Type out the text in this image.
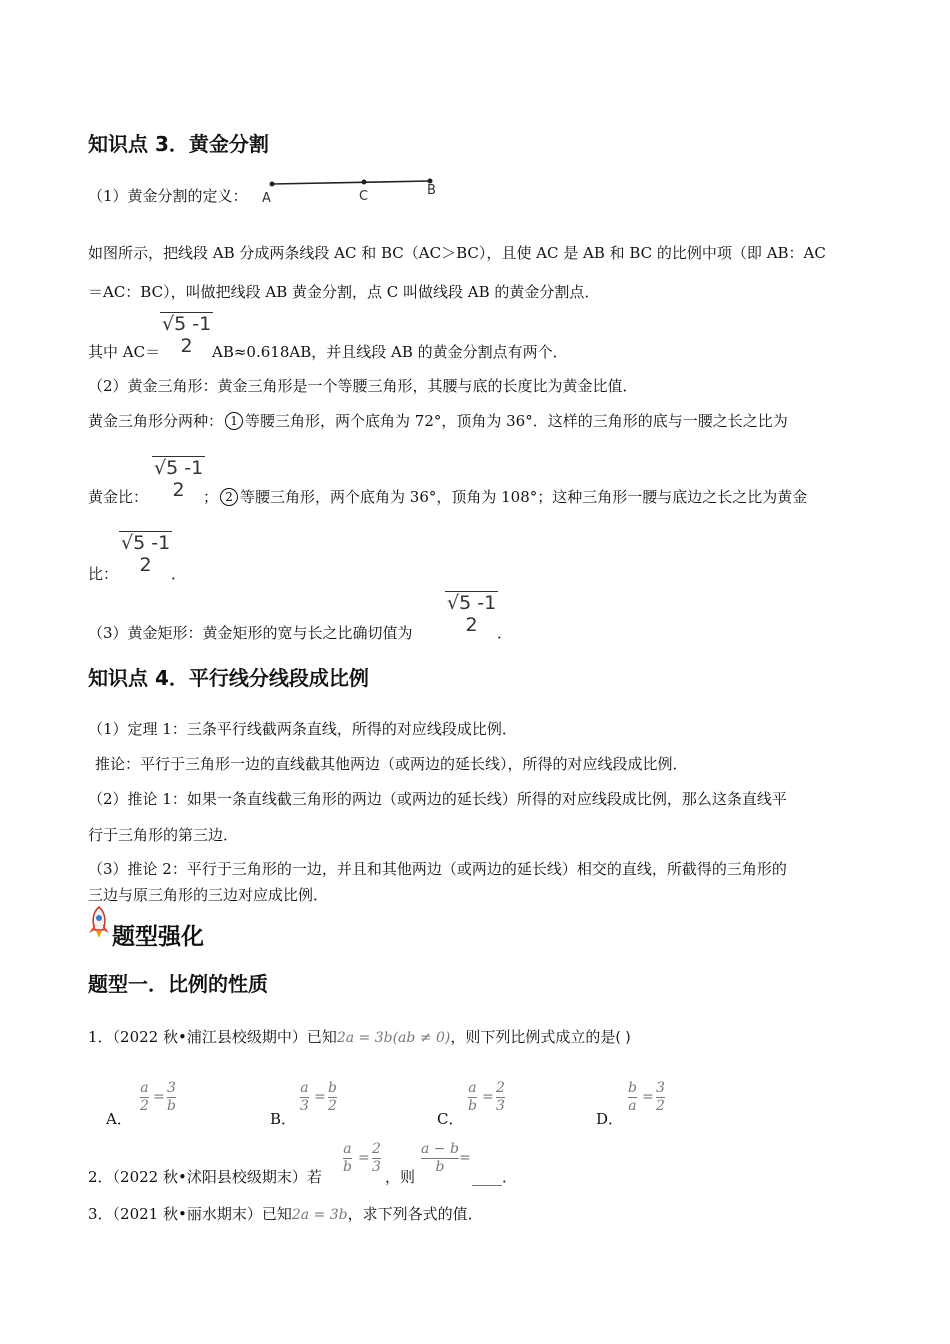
知识点 3．黄金分割
（1）黄金分割的定义： A	C	B
如图所示，把线段 AB 分成两条线段 AC 和 BC（AC＞BC），且使 AC 是 AB 和 BC 的比例中项（即 AB：AC
＝AC：BC），叫做把线段 AB 黄金分割，点 C 叫做线段 AB 的黄金分割点．
其中 AC＝
√5 -1
2	AB≈0.618AB，并且线段 AB 的黄金分割点有两个．
（2）黄金三角形：黄金三角形是一个等腰三角形，其腰与底的长度比为黄金比值．
黄金三角形分两种： 1 等腰三角形，两个底角为 72°，顶角为 36°．这样的三角形的底与一腰之长之比为
黄金比：
√5 -1
2	； 2 等腰三角形，两个底角为 36°，顶角为 108°；这种三角形一腰与底边之长之比为黄金
比：
√5 -1
2	．
（3）黄金矩形：黄金矩形的宽与长之比确切值为
√5 -1
2	．
知识点 4．平行线分线段成比例
（1）定理 1：三条平行线截两条直线，所得的对应线段成比例．
推论：平行于三角形一边的直线截其他两边（或两边的延长线），所得的对应线段成比例．
（2）推论 1：如果一条直线截三角形的两边（或两边的延长线）所得的对应线段成比例，那么这条直线平
行于三角形的第三边．
（3）推论 2：平行于三角形的一边，并且和其他两边（或两边的延长线）相交的直线，所截得的三角形的
三边与原三角形的三边对应成比例．
题型强化
题型一．比例的性质
1．（2022 秋•浦江县校级期中）已知2a = 3b(ab ≠ 0)，则下列比例式成立的是( )
A．
a
2
=
3
b
B．
a
3
=
b
2
C．
a
b
=
2
3
D．
b
a
=
3
2
2．（2022 秋•沭阳县校级期末）若
a
b
=
2
3
，则
a − b
b
=
____．
3．（2021 秋•丽水期末）已知2a = 3b，求下列各式的值．
